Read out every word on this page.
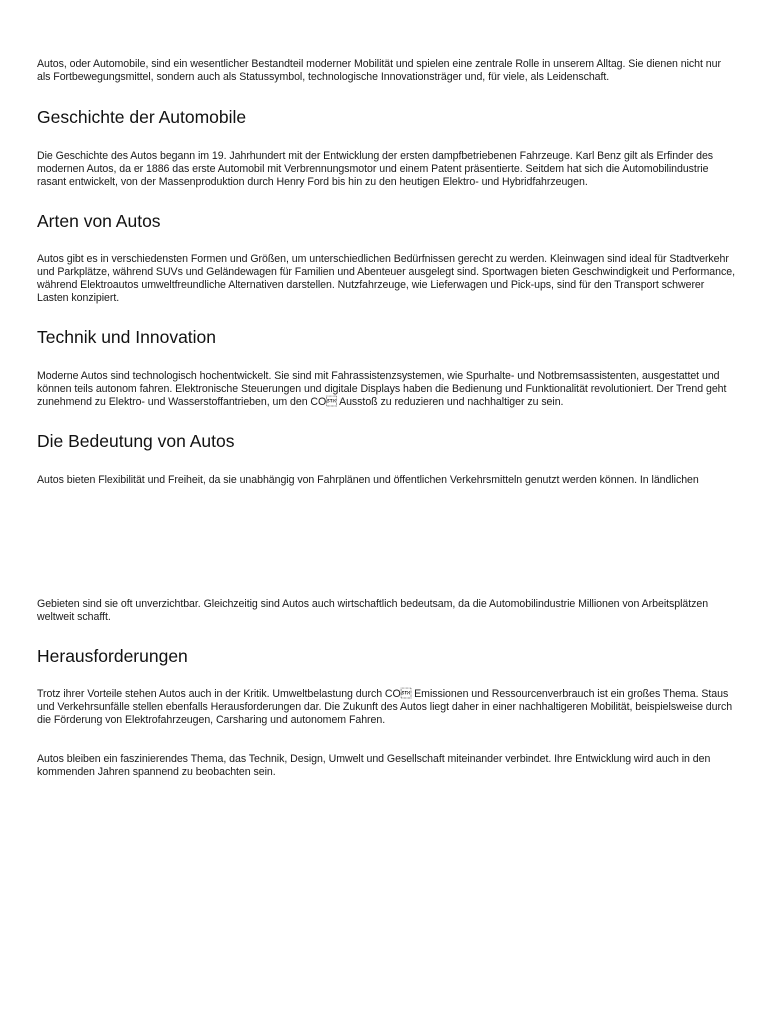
Autos, oder Automobile, sind ein wesentlicher Bestandteil moderner Mobilität und spielen eine zentrale Rolle in unserem Alltag. Sie dienen nicht nur als Fortbewegungsmittel, sondern auch als Statussymbol, technologische Innovationsträger und, für viele, als Leidenschaft.

Geschichte der Automobile

Die Geschichte des Autos begann im 19. Jahrhundert mit der Entwicklung der ersten dampfbetriebenen Fahrzeuge. Karl Benz gilt als Erfinder des modernen Autos, da er 1886 das erste Automobil mit Verbrennungsmotor und einem Patent präsentierte. Seitdem hat sich die Automobilindustrie rasant entwickelt, von der Massenproduktion durch Henry Ford bis hin zu den heutigen Elektro- und Hybridfahrzeugen.

Arten von Autos

Autos gibt es in verschiedensten Formen und Größen, um unterschiedlichen Bedürfnissen gerecht zu werden. Kleinwagen sind ideal für Stadtverkehr und Parkplätze, während SUVs und Geländewagen für Familien und Abenteuer ausgelegt sind. Sportwagen bieten Geschwindigkeit und Performance, während Elektroautos umweltfreundliche Alternativen darstellen. Nutzfahrzeuge, wie Lieferwagen und Pick-ups, sind für den Transport schwerer Lasten konzipiert.

Technik und Innovation

Moderne Autos sind technologisch hochentwickelt. Sie sind mit Fahrassistenzsystemen, wie Spurhalte- und Notbremsassistenten, ausgestattet und können teils autonom fahren. Elektronische Steuerungen und digitale Displays haben die Bedienung und Funktionalität revolutioniert. Der Trend geht zunehmend zu Elektro- und Wasserstoffantrieben, um den CO Ausstoß zu reduzieren und nachhaltiger zu sein.

Die Bedeutung von Autos

Autos bieten Flexibilität und Freiheit, da sie unabhängig von Fahrplänen und öffentlichen Verkehrsmitteln genutzt werden können. In ländlichen

Gebieten sind sie oft unverzichtbar. Gleichzeitig sind Autos auch wirtschaftlich bedeutsam, da die Automobilindustrie Millionen von Arbeitsplätzen weltweit schafft.

Herausforderungen

Trotz ihrer Vorteile stehen Autos auch in der Kritik. Umweltbelastung durch CO Emissionen und Ressourcenverbrauch ist ein großes Thema. Staus und Verkehrsunfälle stellen ebenfalls Herausforderungen dar. Die Zukunft des Autos liegt daher in einer nachhaltigeren Mobilität, beispielsweise durch die Förderung von Elektrofahrzeugen, Carsharing und autonomem Fahren.

Autos bleiben ein faszinierendes Thema, das Technik, Design, Umwelt und Gesellschaft miteinander verbindet. Ihre Entwicklung wird auch in den kommenden Jahren spannend zu beobachten sein.
